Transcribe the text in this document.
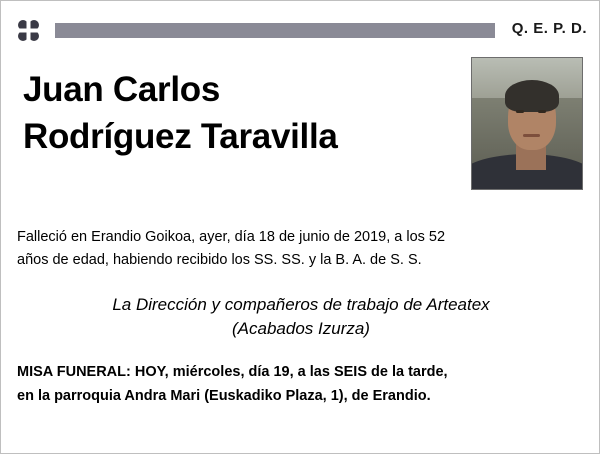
Q. E. P. D.
Juan Carlos
Rodríguez Taravilla
Falleció en Erandio Goikoa, ayer, día 18 de junio de 2019, a los 52
años de edad, habiendo recibido los SS. SS. y la B. A. de S. S.
La Dirección y compañeros de trabajo de Arteatex
(Acabados Izurza)
MISA FUNERAL: HOY, miércoles, día 19, a las SEIS de la tarde,
en la parroquia Andra Mari (Euskadiko Plaza, 1), de Erandio.
